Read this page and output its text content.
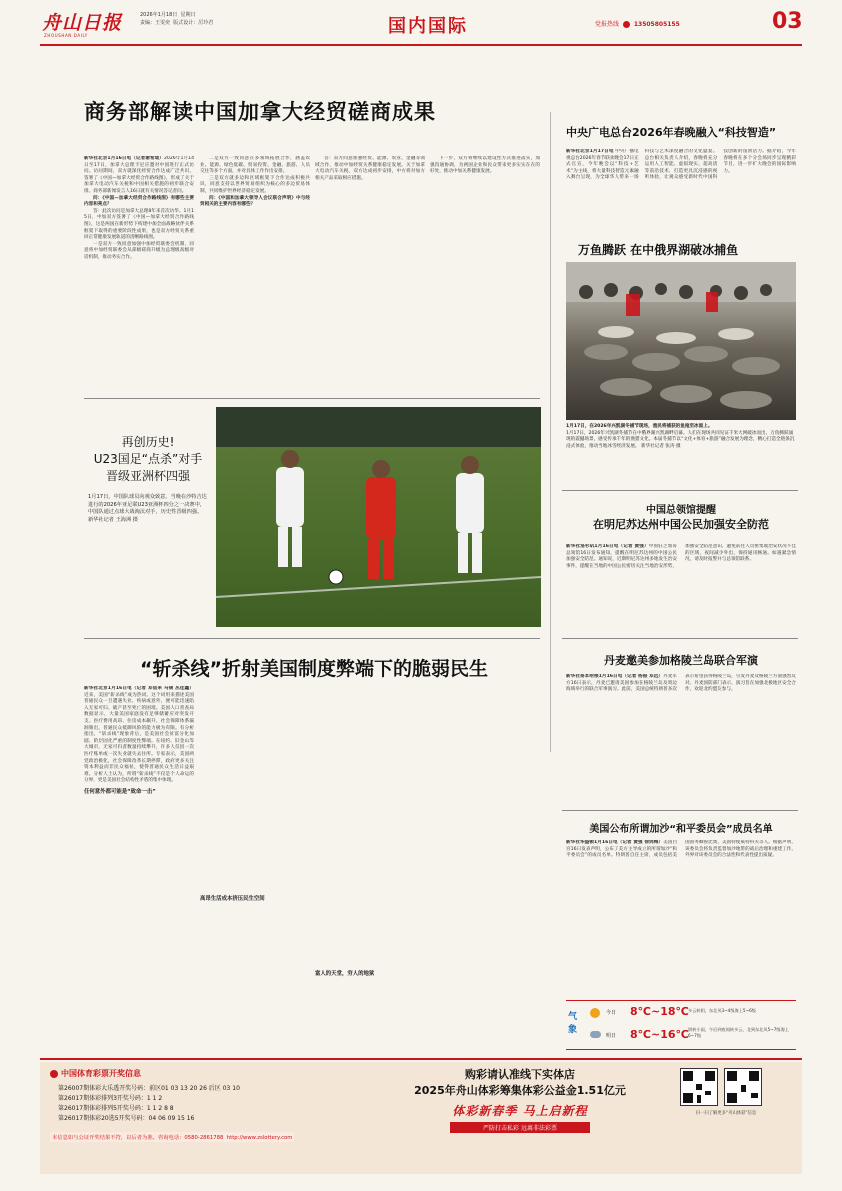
舟山日报
ZHOUSHAN DAILY
2026年1月18日 星期日
责编：王雯奕 版式设计：厉玲君	国内国际	党报热线 13505805155	03
商务部解读中国加拿大经贸磋商成果
新华社北京1月16日电（记者谢希瑶）2026年1月14日至17日，加拿大总理卡尼应邀对中国进行正式访问。访问期间，双方就深化经贸合作达成广泛共识，签署了《中国—加拿大经贸合作路线图》，形成了关于加拿大电动汽车关税和中国相关措施的初步联合安排。商务部新闻发言人16日就有关情况答记者问。

问：《中国—加拿大经贸合作路线图》有哪些主要内容和亮点？

答：此次访问是加拿大总理8年来首次访华。1月15日，中加双方签署了《中国—加拿大经贸合作路线图》，这是两国在新形势下构建中加全面战略伙伴关系框架下取得的重要阶段性成果，也是双方经贸关系重回正常健康发展轨道的清晰路线图。

一是双方一致同意加强中加经贸联委会机制，同意将中加经贸联委会从部级磋商升级为总理级高级对话机制，推动务实合作。

二是双方一致同意在多领域拓展合作，涵盖农业、能源、绿色低碳、贸易投资、金融、旅游、人员交往等多个方面，并对具体工作作出安排。

三是双方就多边和区域框架下合作达成积极共识，同意支持以世界贸易组织为核心的多边贸易体制，共同维护世界经济稳定发展。

问：《中国和加拿大领导人会议联合声明》中与经贸相关的主要内容有哪些？

答：双方同意加强经贸、能源、农业、金融等领域合作，推动中加经贸关系健康稳定发展。关于加拿大电动汽车关税，双方达成初步安排，中方将对加方相关产品采取相应措施。

下一步，双方将继续以建设性方式推进落实，加强沟通协调，为两国企业和民众带来更多实实在在的好处，推动中加关系健康发展。

中央广电总台2026年春晚融入“科技智造”
新华社北京1月17日电 中央广播电视总台2026年春节联欢晚会17日正式官宣，今年晚会以“科技+艺术”为主线，将大量科技智造元素融入舞台呈现，为全球华人带来一场科技与艺术深度融合的文化盛宴。总台相关负责人介绍，春晚将充分运用人工智能、虚拟现实、超高清等前沿技术，打造更具沉浸感的视听体验，让观众感受新时代中国科技创新的蓬勃活力。据介绍，今年春晚将在多个分会场同步呈现精彩节目，进一步扩大晚会的国际影响力。
万鱼腾跃 在中俄界湖破冰捕鱼
1月17日，在2026年兴凯湖冬捕节现场，渔民将捕获的鱼拖至冰面上。
1月17日，2026年兴凯湖冬捕节在中俄界湖兴凯湖畔启幕。人们在现场共同见证千米大网破冰而出、万鱼腾跃涌现的震撼场景，感受传承千年的渔猎文化。本届冬捕节以“文化+体育+旅游”融合发展为理念，精心打造全链条沉浸式体验，推动当地冰雪经济发展。 新华社记者 张涛 摄
再创历史!
U23国足“点杀”对手
晋级亚洲杯四强
1月17日，中国队球员向观众致意。当晚在沙特吉达进行的2026年亚足联U23亚洲杯四分之一决赛中，中国队通过点球大战淘汰对手，历史性晋级四强。
新华社记者 王海洲 摄
中国总领馆提醒
在明尼苏达州中国公民加强安全防范
新华社洛杉矶1月16日电（记者 黄强）中国驻芝加哥总领馆16日发布通知，提醒在明尼苏达州的中国公民加强安全防范。通知说，近期明尼苏达州多地发生治安事件，提醒在当地的中国公民密切关注当地治安形势，加强安全防范意识，避免前往人员密集或治安状况不佳的区域，夜间减少外出，保持通讯畅通。如遇紧急情况，请及时报警并与总领馆联系。
“斩杀线”折射美国制度弊端下的脆弱民生
新华社北京1月16日电（记者 邓仙来 马倩 丛佳鑫）近来，美国“斩杀线”成为热词。这个词用来描述美国普通民众一旦遭遇失业、疾病或意外，便可能迅速陷入无家可归、破产甚至死亡的困境。美国人口普查局数据显示，大量美国家庭没有足够储蓄应对突发开支。医疗费用高昂、住房成本飙升、社会保障体系漏洞频出，普通民众抵御风险的能力极为有限。有分析指出，“斩杀线”现象背后，是美国社会贫富分化加剧、阶层固化严重的制度性弊端。在纽约、旧金山等大城市，无家可归者数量持续攀升，许多人仅因一次医疗账单或一次失业就失去住所。专家表示，美国两党政治极化，社会保障改革长期停滞，政府更多关注资本利益而非民众福祉，使得普通民众生活日益艰难。分析人士认为，所谓“斩杀线”不仅是个人命运的分界，更是美国社会结构性矛盾的集中体现。
任何意外都可能是“致命一击”
高昂生活成本挤压民生空间
富人的天堂，穷人的地狱
丹麦邀美参加格陵兰岛联合军演
新华社哥本哈根1月16日电（记者 杨振 邓远）丹麦军方16日表示，丹麦已邀请美国参加在格陵兰岛及周边海域举行的联合军事演习。此前，美国总统特朗普多次表示希望获得格陵兰岛，引发丹麦及格陵兰方面强烈反对。丹麦国防部门表示，演习旨在加强北极地区安全合作，欢迎北约盟友参与。
美国公布所谓加沙“和平委员会”成员名单
新华社华盛顿1月16日电（记者 黄强 徐剑梅）美国白宫16日发表声明，公布了美方主导成立的所谓加沙“和平委员会”的成员名单。特朗普自任主席，成员包括美国国务卿鲁比奥、美国特使威特科夫等人。根据声明，该委员会将负责监督加沙地带的战后治理和重建工作。外界对该委员会的合法性和代表性提出质疑。
气象
今日 8℃~18℃ 多云转阴，东北风3~4级海上5~6级
明日 8℃~16℃ 阴转小雨，午后到夜间转多云，北到东北风5~7级海上6~7级
中国体育彩票开奖信息
第26007期体彩大乐透开奖号码：前区01 03 13 20 26 后区 03 10
第26017期体彩排列3开奖号码：1 1 2
第26017期体彩排列5开奖号码：1 1 2 8 8
第26017期体彩20选5开奖号码：04 06 09 15 16
本信息如与公证开奖结果不符，以后者为准。咨询电话：0580-2861788 http://www.zslottery.com
购彩请认准线下实体店
2025年舟山体彩筹集体彩公益金1.51亿元
体彩新春季 马上启新程
严防打击私彩 远离非法彩票
扫一扫了解更多“舟山体彩”信息
